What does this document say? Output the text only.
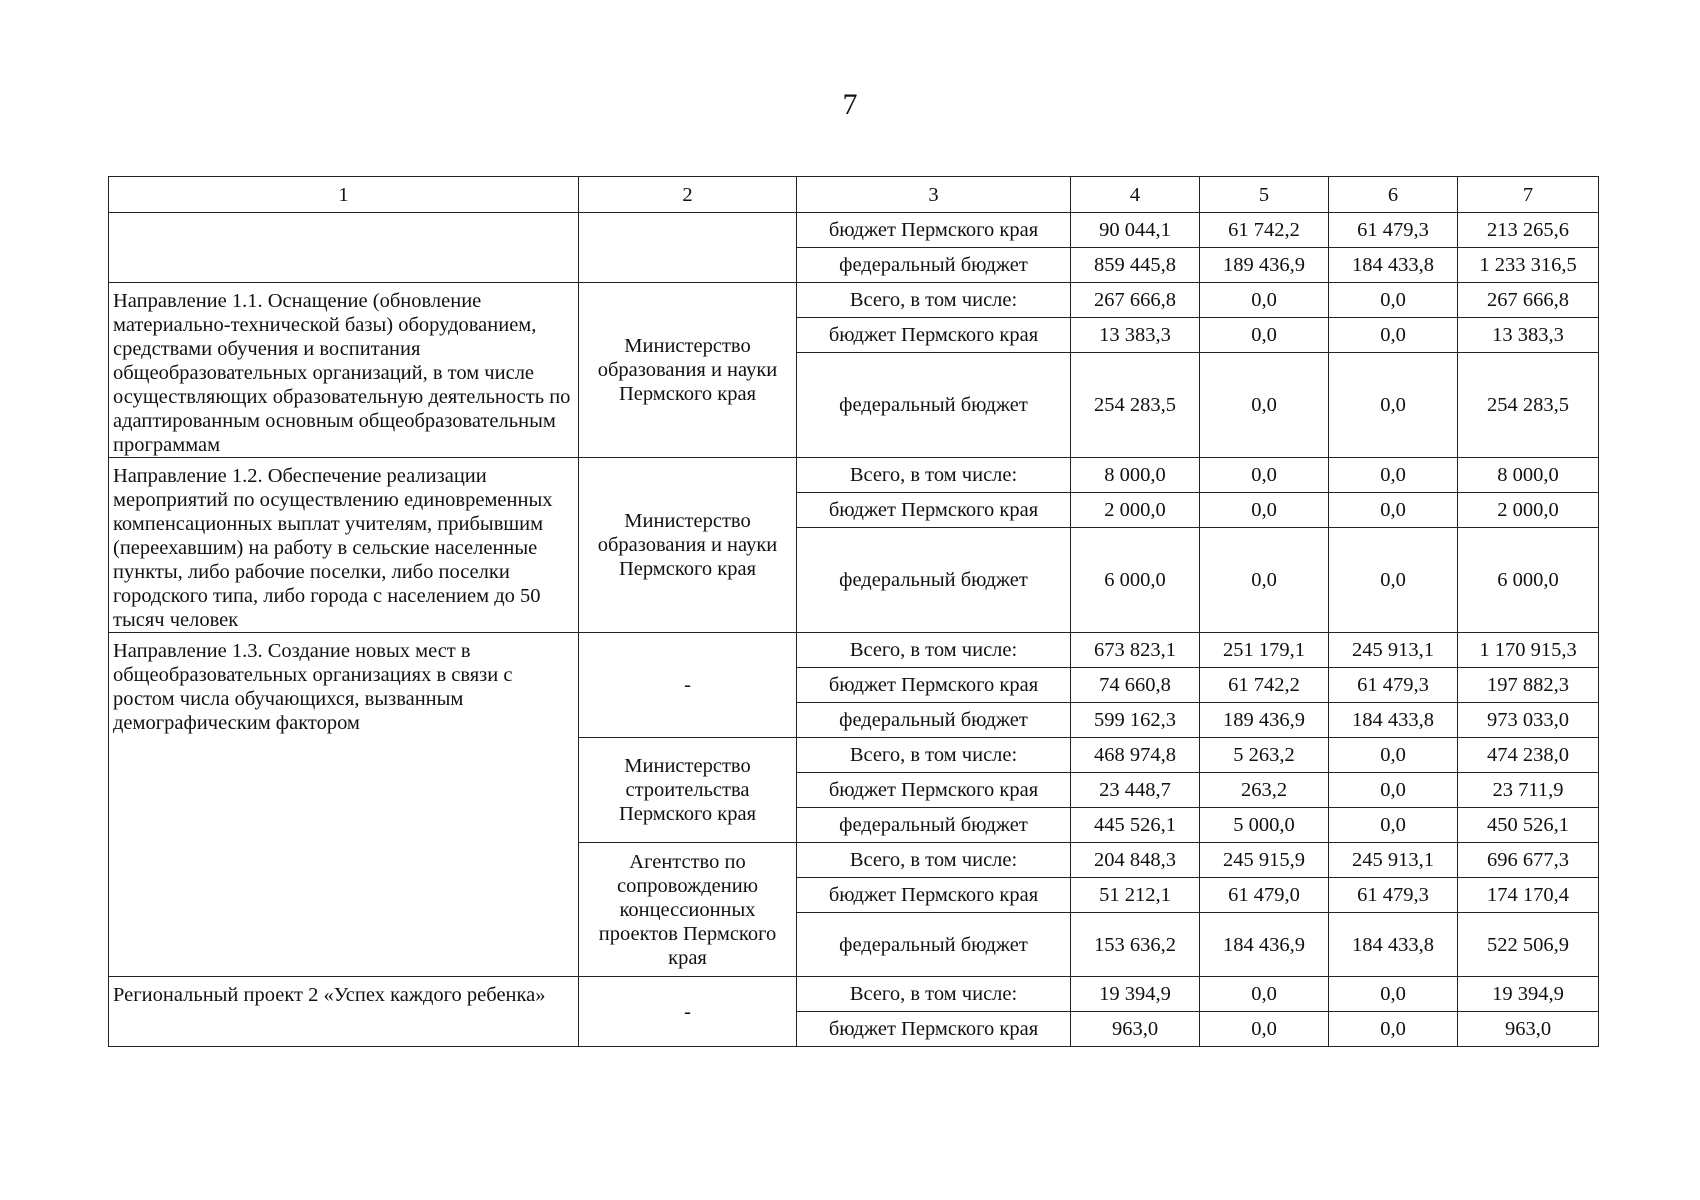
7
1	2	3	4	5	6	7
		бюджет Пермского края	90 044,1	61 742,2	61 479,3	213 265,6
		федеральный бюджет	859 445,8	189 436,9	184 433,8	1 233 316,5
Направление 1.1. Оснащение (обновление материально-технической базы) оборудованием, средствами обучения и воспитания общеобразовательных организаций, в том числе осуществляющих образовательную деятельность по адаптированным основным общеобразовательным программам	Министерство образования и науки Пермского края	Всего, в том числе:	267 666,8	0,0	0,0	267 666,8
		бюджет Пермского края	13 383,3	0,0	0,0	13 383,3
		федеральный бюджет	254 283,5	0,0	0,0	254 283,5
Направление 1.2. Обеспечение реализации мероприятий по осуществлению единовременных компенсационных выплат учителям, прибывшим (переехавшим) на работу в сельские населенные пункты, либо рабочие поселки, либо поселки городского типа, либо города с населением до 50 тысяч человек	Министерство образования и науки Пермского края	Всего, в том числе:	8 000,0	0,0	0,0	8 000,0
		бюджет Пермского края	2 000,0	0,0	0,0	2 000,0
		федеральный бюджет	6 000,0	0,0	0,0	6 000,0
Направление 1.3. Создание новых мест в общеобразовательных организациях в связи с ростом числа обучающихся, вызванным демографическим фактором	-	Всего, в том числе:	673 823,1	251 179,1	245 913,1	1 170 915,3
		бюджет Пермского края	74 660,8	61 742,2	61 479,3	197 882,3
		федеральный бюджет	599 162,3	189 436,9	184 433,8	973 033,0
	Министерство строительства Пермского края	Всего, в том числе:	468 974,8	5 263,2	0,0	474 238,0
		бюджет Пермского края	23 448,7	263,2	0,0	23 711,9
		федеральный бюджет	445 526,1	5 000,0	0,0	450 526,1
	Агентство по сопровождению концессионных проектов Пермского края	Всего, в том числе:	204 848,3	245 915,9	245 913,1	696 677,3
		бюджет Пермского края	51 212,1	61 479,0	61 479,3	174 170,4
		федеральный бюджет	153 636,2	184 436,9	184 433,8	522 506,9
Региональный проект 2 «Успех каждого ребенка»	-	Всего, в том числе:	19 394,9	0,0	0,0	19 394,9
		бюджет Пермского края	963,0	0,0	0,0	963,0
